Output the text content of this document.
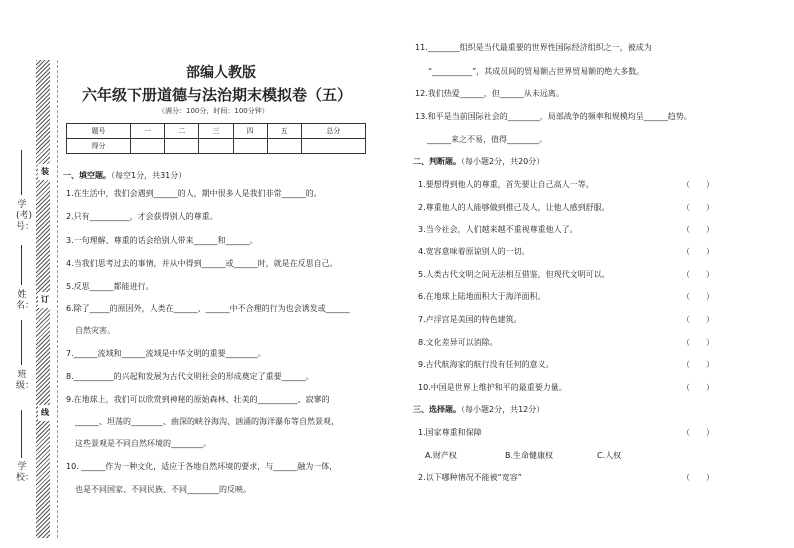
装
订
线
学(考)号：
姓名：
班级：
学校：
部编人教版
六年级下册道德与法治期末模拟卷（五）
（满分：100分，时间：100分钟）
题号	一	二	三	四	五	总分
得分						
一、填空题。（每空1分，共31分）
1.在生活中，我们会遇到______的人，期中很多人是我们非常______的。
2.只有__________，才会获得别人的尊重。
3.一句理解、尊重的话会给别人带来______和______。
4.当我们思考过去的事情，并从中得到______或______时，就是在反思自己。
5.反思______都能进行。
6.除了_____的原因外，人类在______、______中不合理的行为也会诱发或______
自然灾害。
7.______流域和______流域是中华文明的重要________。
8.__________的兴起和发展为古代文明社会的形成奠定了重要______。
9.在地球上，我们可以欣赏到神秘的原始森林、壮美的__________、寂寥的
______、坦荡的________、曲深的峡谷海沟、汹涌的海洋瀑布等自然景观，
这些景观是不同自然环境的________。
10. ______作为一种文化，适应于各地自然环境的要求，与______融为一体，
也是不同国家、不同民族、不同________的反映。
11.________组织是当代最重要的世界性国际经济组织之一，被成为
“__________”，其成员间的贸易额占世界贸易额的绝大多数。
12.我们热爱______，但______从未远离。
13.和平是当前国际社会的________，局部战争的频率和规模均呈______趋势。
______来之不易，值得________。
二、判断题。（每小题2分，共20分）
1.要想得到他人的尊重，首先要让自己高人一等。	（　　）
2.尊重他人的人能够做到推己及人，让他人感到舒服。	（　　）
3.当今社会，人们越来越不重视尊重他人了。	（　　）
4.宽容意味着原谅别人的一切。	（　　）
5.人类古代文明之间无法相互借鉴，但现代文明可以。	（　　）
6.在地球上陆地面积大于海洋面积。	（　　）
7.卢浮宫是美国的特色建筑。	（　　）
8.文化差异可以消除。	（　　）
9.古代航海家的航行没有任何的意义。	（　　）
10.中国是世界上维护和平的最重要力量。	（　　）
三、选择题。（每小题2分，共12分）
1.国家尊重和保障	（　　）
A.财产权	B.生命健康权	C.人权
2.以下哪种情况不能被“宽容”	（　　）
